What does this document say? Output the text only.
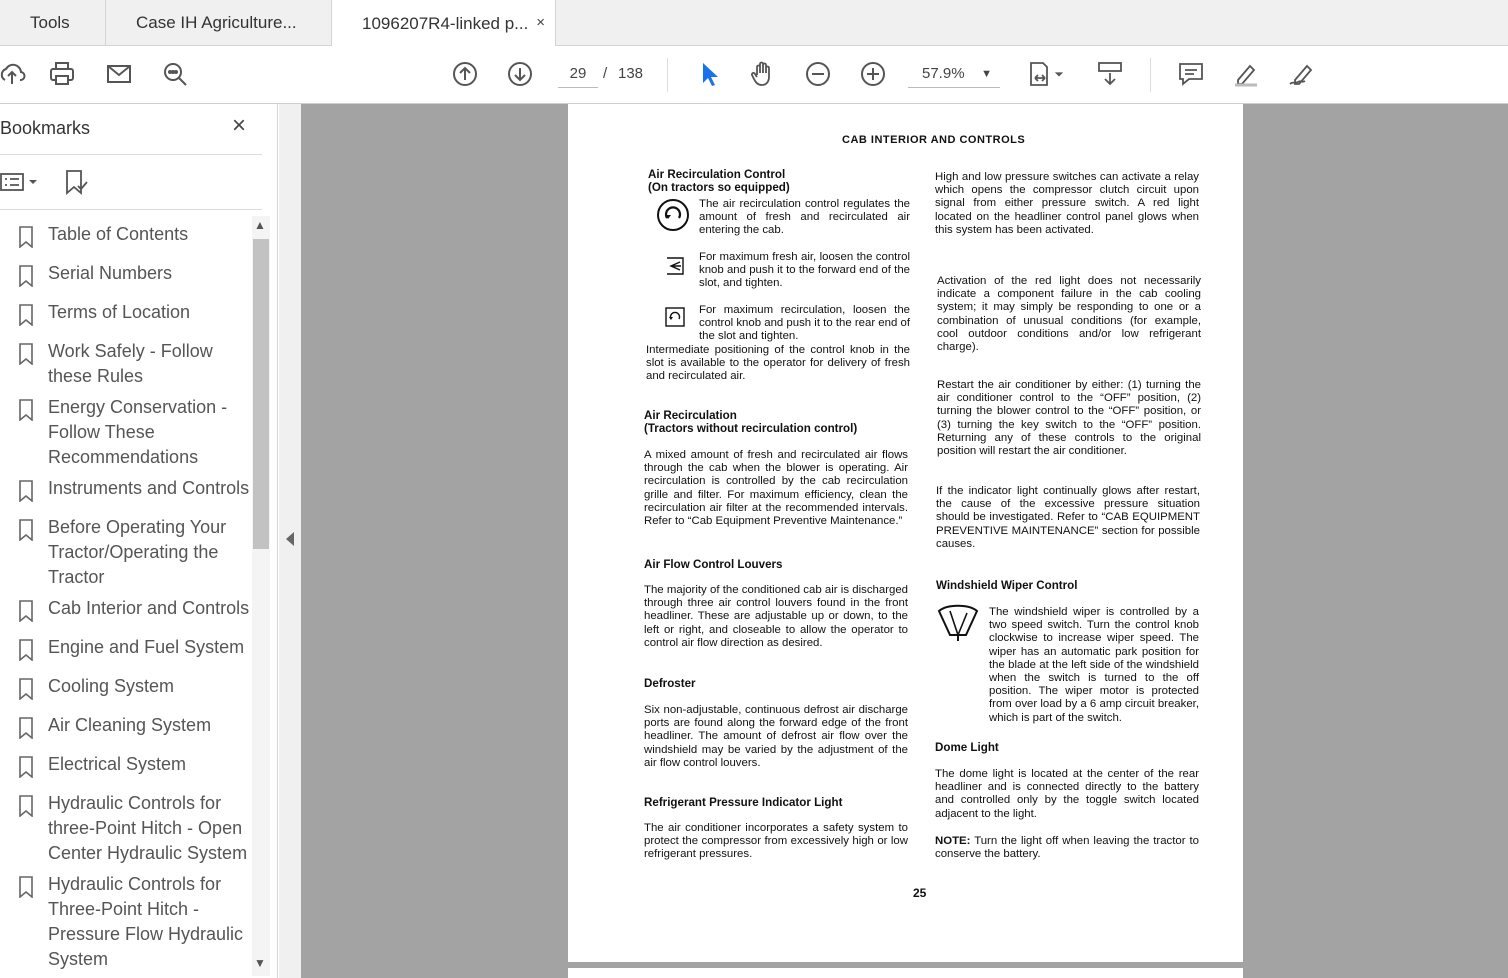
Tools	Case IH Agriculture...	1096207R4-linked p... ×
29	/ 138	57.9% ▼
Bookmarks	×
Table of Contents
Serial Numbers
Terms of Location
Work Safely - Follow these Rules
Energy Conservation - Follow These Recommendations
Instruments and Controls
Before Operating Your Tractor/Operating the Tractor
Cab Interior and Controls
Engine and Fuel System
Cooling System
Air Cleaning System
Electrical System
Hydraulic Controls for three-Point Hitch - Open Center Hydraulic System
Hydraulic Controls for Three-Point Hitch - Pressure Flow Hydraulic System
▲
▼
CAB INTERIOR AND CONTROLS
Air Recirculation Control
(On tractors so equipped)
The air recirculation control regulates the amount of fresh and recirculated air entering the cab.
For maximum fresh air, loosen the control knob and push it to the forward end of the slot, and tighten.
For maximum recirculation, loosen the control knob and push it to the rear end of the slot and tighten.
Intermediate positioning of the control knob in the slot is available to the operator for delivery of fresh and recirculated air.
Air Recirculation
(Tractors without recirculation control)
A mixed amount of fresh and recirculated air flows through the cab when the blower is operating. Air recirculation is controlled by the cab recirculation grille and filter. For maximum efficiency, clean the recirculation air filter at the recommended intervals. Refer to “Cab Equipment Preventive Maintenance.”
Air Flow Control Louvers
The majority of the conditioned cab air is discharged through three air control louvers found in the front headliner. These are adjustable up or down, to the left or right, and closeable to allow the operator to control air flow direction as desired.
Defroster
Six non-adjustable, continuous defrost air discharge ports are found along the forward edge of the front headliner. The amount of defrost air flow over the windshield may be varied by the adjustment of the air flow control louvers.
Refrigerant Pressure Indicator Light
The air conditioner incorporates a safety system to protect the compressor from excessively high or low refrigerant pressures.
High and low pressure switches can activate a relay which opens the compressor clutch circuit upon signal from either pressure switch. A red light located on the headliner control panel glows when this system has been activated.
Activation of the red light does not necessarily indicate a component failure in the cab cooling system; it may simply be responding to one or a combination of unusual conditions (for example, cool outdoor conditions and/or low refrigerant charge).
Restart the air conditioner by either: (1) turning the air conditioner control to the “OFF” position, (2) turning the blower control to the “OFF” position, or (3) turning the key switch to the “OFF” position. Returning any of these controls to the original position will restart the air conditioner.
If the indicator light continually glows after restart, the cause of the excessive pressure situation should be investigated. Refer to “CAB EQUIPMENT PREVENTIVE MAINTENANCE” section for possible causes.
Windshield Wiper Control
The windshield wiper is controlled by a two speed switch. Turn the control knob clockwise to increase wiper speed. The wiper has an automatic park position for the blade at the left side of the windshield when the switch is turned to the off position. The wiper motor is protected from over load by a 6 amp circuit breaker, which is part of the switch.
Dome Light
The dome light is located at the center of the rear headliner and is connected directly to the battery and controlled only by the toggle switch located adjacent to the light.
NOTE: Turn the light off when leaving the tractor to conserve the battery.
25
